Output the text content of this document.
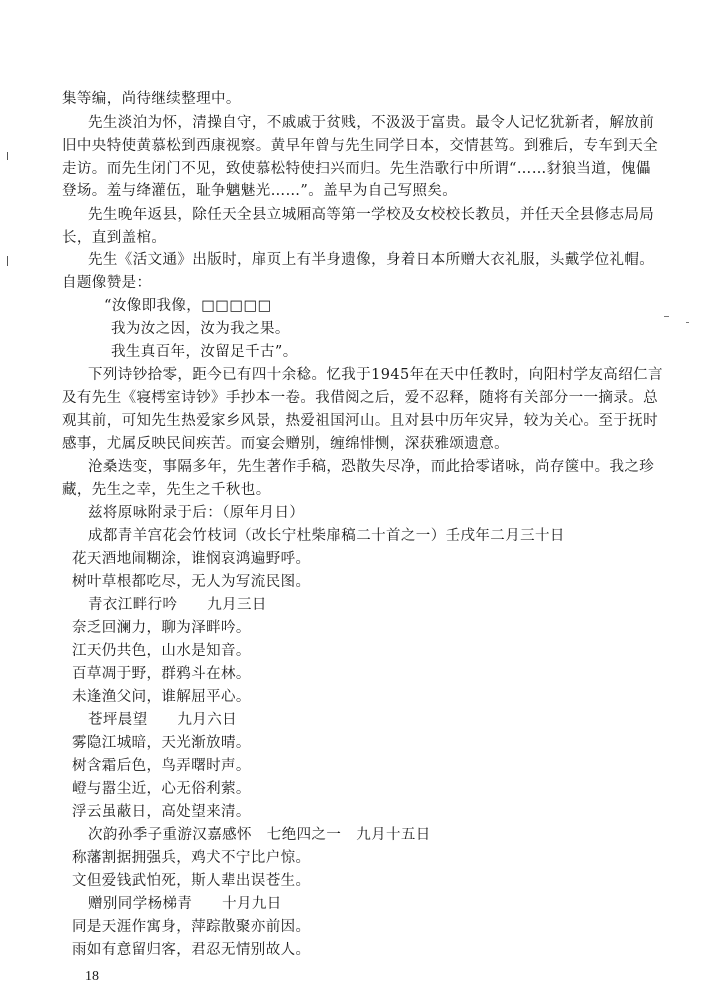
集等编，尚待继续整理中。
先生淡泊为怀，清操自守，不戚戚于贫贱，不汲汲于富贵。最令人记忆犹新者，解放前
旧中央特使黄慕松到西康视察。黄早年曾与先生同学日本，交情甚笃。到雅后，专车到天全
走访。而先生闭门不见，致使慕松特使扫兴而归。先生浩歌行中所谓“……豺狼当道，傀儡
登场。羞与绛灌伍，耻争魑魅光……”。盖早为自己写照矣。
先生晚年返县，除任天全县立城厢高等第一学校及女校校长教员，并任天全县修志局局
长，直到盖棺。
先生《活文通》出版时，扉页上有半身遗像，身着日本所赠大衣礼服，头戴学位礼帽。
自题像赞是：
“汝像即我像，□□□□□
我为汝之因，汝为我之果。
我生真百年，汝留足千古”。
下列诗钞拾零，距今已有四十余稔。忆我于1945年在天中任教时，向阳村学友高绍仁言
及有先生《寝樗室诗钞》手抄本一卷。我借阅之后，爱不忍释，随将有关部分一一摘录。总
观其前，可知先生热爱家乡风景，热爱祖国河山。且对县中历年灾异，较为关心。至于抚时
感事，尤属反映民间疾苦。而宴会赠别，缠绵悱恻，深获雅颂遗意。
沧桑迭变，事隔多年，先生著作手稿，恐散失尽净，而此拾零诸咏，尚存箧中。我之珍
藏，先生之幸，先生之千秋也。
兹将原咏附录于后：（原年月日）
成都青羊宫花会竹枝词（改长宁杜柴扉稿二十首之一）壬戌年二月三十日
花天酒地闹糊涂，谁悯哀鸿遍野呼。
树叶草根都吃尽，无人为写流民图。
青衣江畔行吟　　九月三日
奈乏回澜力，聊为泽畔吟。
江天仍共色，山水是知音。
百草凋于野，群鸦斗在林。
未逢渔父问，谁解屈平心。
苍坪晨望　　九月六日
雾隐江城暗，天光渐放晴。
树含霜后色，鸟弄曙时声。
嶝与嚣尘近，心无俗利萦。
浮云虽蔽日，高处望来清。
次韵孙季子重游汉嘉感怀　七绝四之一　九月十五日
称藩割据拥强兵，鸡犬不宁比户惊。
文但爱钱武怕死，斯人辈出误苍生。
赠别同学杨梯青　　十月九日
同是天涯作寓身，萍踪散聚亦前因。
雨如有意留归客，君忍无情别故人。
18
